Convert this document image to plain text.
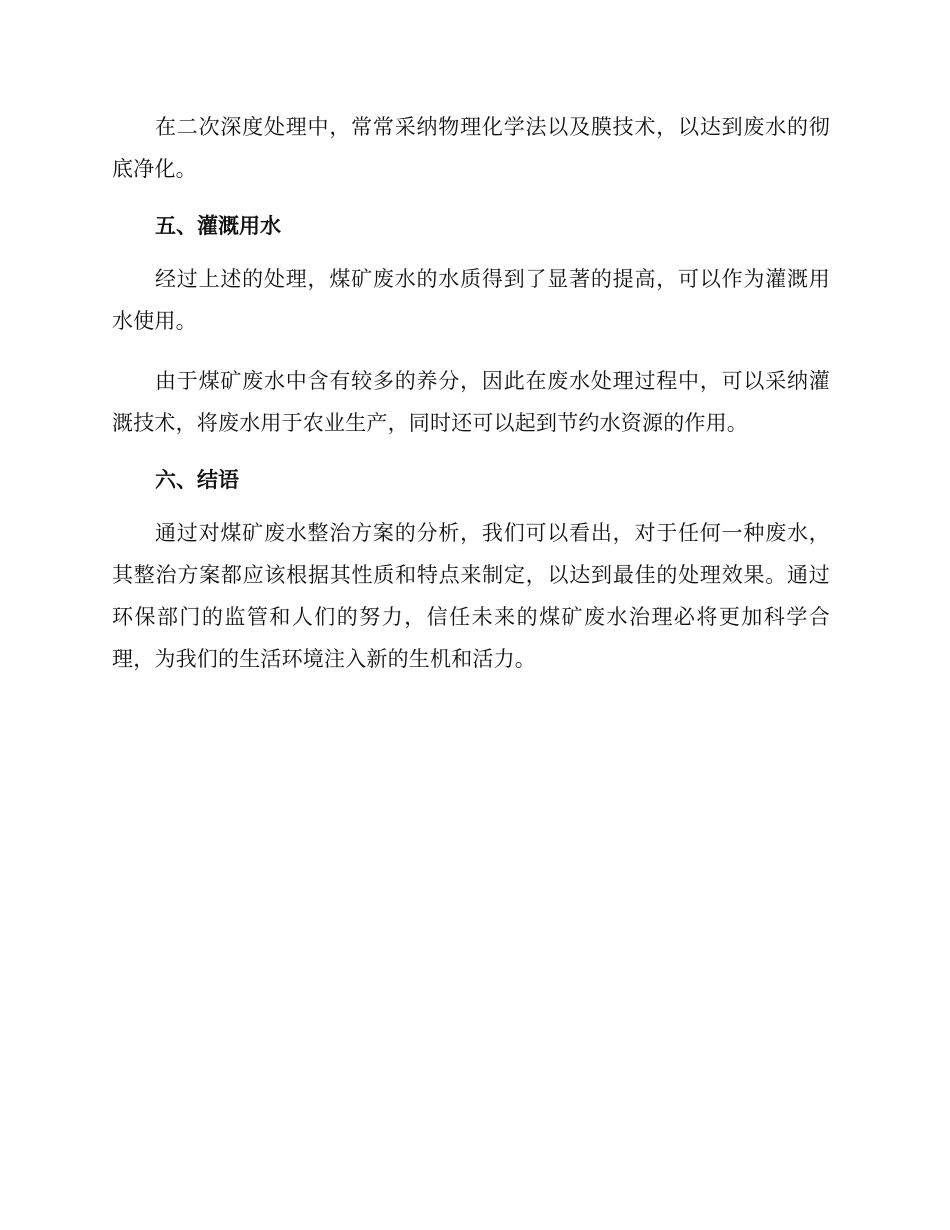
在二次深度处理中，常常采纳物理化学法以及膜技术，以达到废水的彻底净化。

五、灌溉用水

经过上述的处理，煤矿废水的水质得到了显著的提高，可以作为灌溉用水使用。

由于煤矿废水中含有较多的养分，因此在废水处理过程中，可以采纳灌溉技术，将废水用于农业生产，同时还可以起到节约水资源的作用。

六、结语

通过对煤矿废水整治方案的分析，我们可以看出，对于任何一种废水，其整治方案都应该根据其性质和特点来制定，以达到最佳的处理效果。通过环保部门的监管和人们的努力，信任未来的煤矿废水治理必将更加科学合理，为我们的生活环境注入新的生机和活力。
